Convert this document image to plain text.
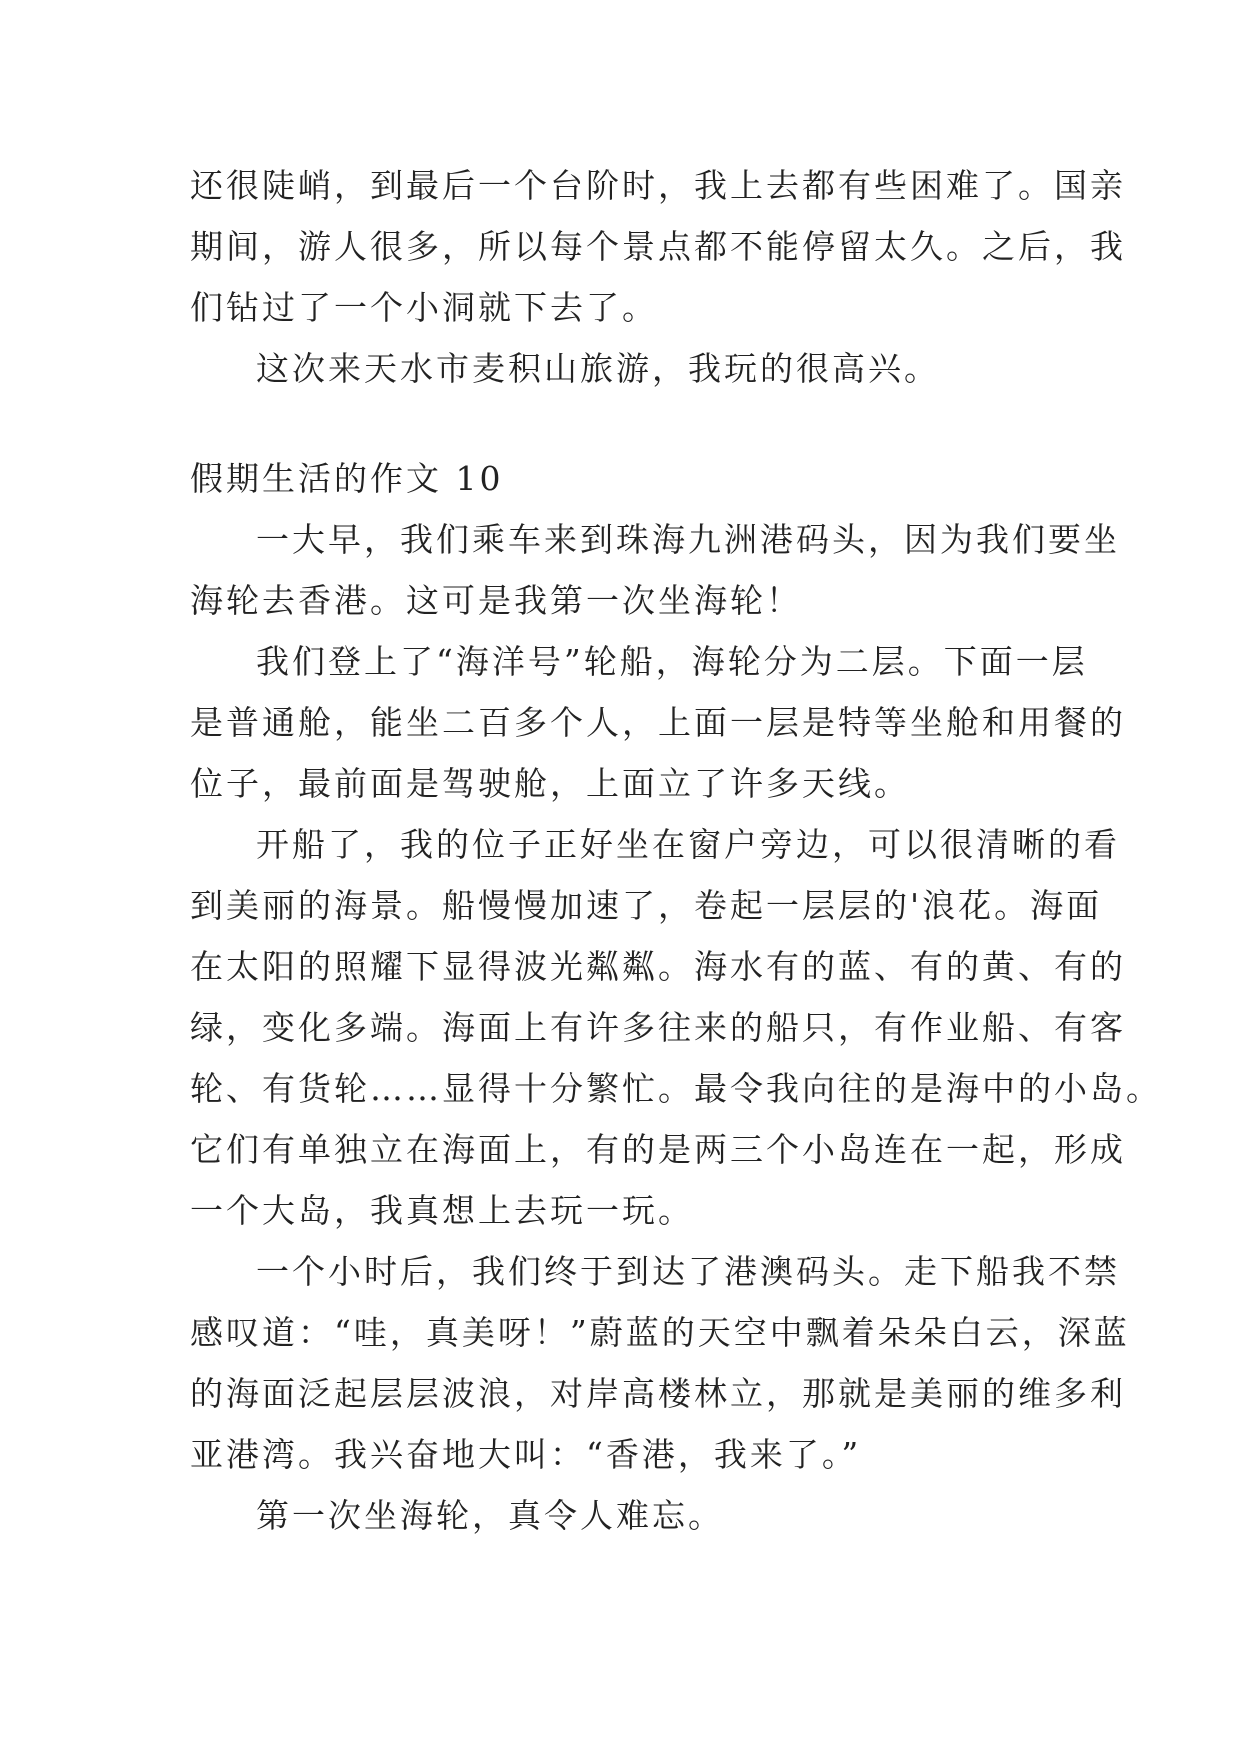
还很陡峭，到最后一个台阶时，我上去都有些困难了。国亲
期间，游人很多，所以每个景点都不能停留太久。之后，我
们钻过了一个小洞就下去了。
这次来天水市麦积山旅游，我玩的很高兴。
假期生活的作文 10
一大早，我们乘车来到珠海九洲港码头，因为我们要坐
海轮去香港。这可是我第一次坐海轮！
我们登上了“海洋号”轮船，海轮分为二层。下面一层
是普通舱，能坐二百多个人，上面一层是特等坐舱和用餐的
位子，最前面是驾驶舱，上面立了许多天线。
开船了，我的位子正好坐在窗户旁边，可以很清晰的看
到美丽的海景。船慢慢加速了，卷起一层层的'浪花。海面
在太阳的照耀下显得波光粼粼。海水有的蓝、有的黄、有的
绿，变化多端。海面上有许多往来的船只，有作业船、有客
轮、有货轮……显得十分繁忙。最令我向往的是海中的小岛。
它们有单独立在海面上，有的是两三个小岛连在一起，形成
一个大岛，我真想上去玩一玩。
一个小时后，我们终于到达了港澳码头。走下船我不禁
感叹道：“哇，真美呀！”蔚蓝的天空中飘着朵朵白云，深蓝
的海面泛起层层波浪，对岸高楼林立，那就是美丽的维多利
亚港湾。我兴奋地大叫：“香港，我来了。”
第一次坐海轮，真令人难忘。
